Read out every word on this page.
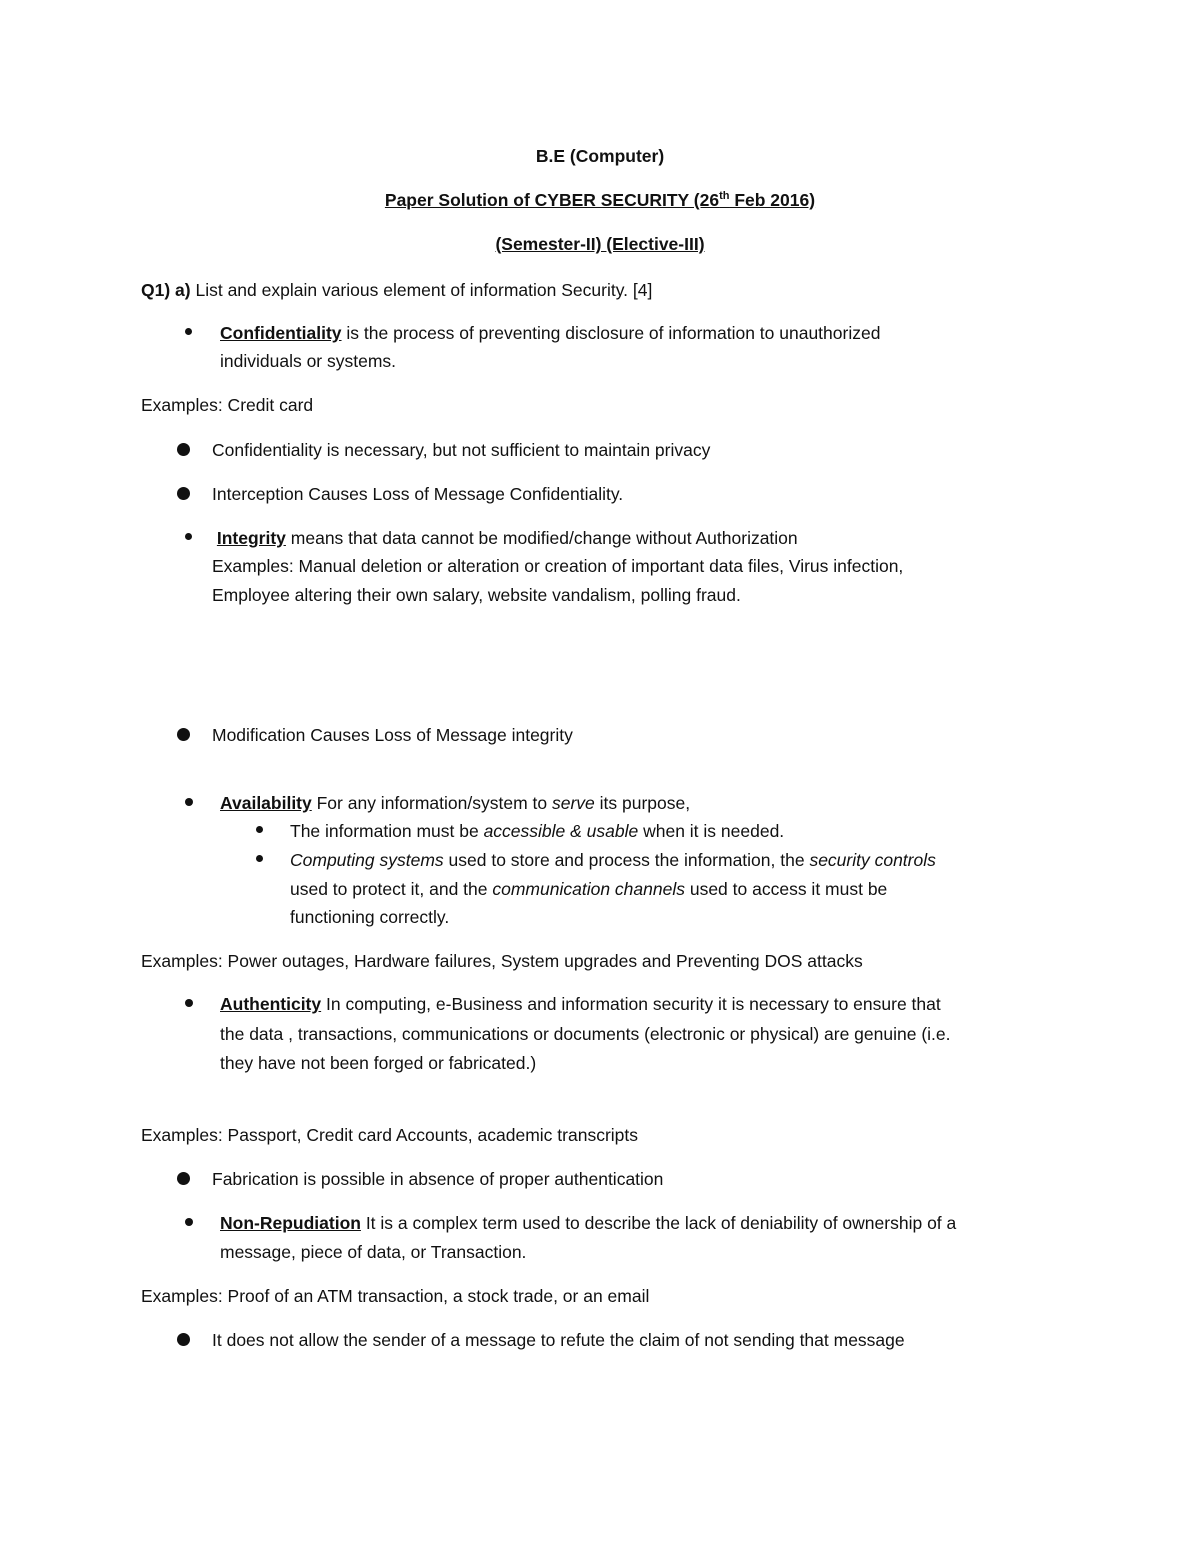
B.E (Computer)
Paper Solution of CYBER SECURITY (26th Feb 2016)
(Semester-II) (Elective-III)
Q1) a) List and explain various element of information Security. [4]
Confidentiality is the process of preventing disclosure of information to unauthorized
individuals or systems.
Examples: Credit card
Confidentiality is necessary, but not sufficient to maintain privacy
Interception Causes Loss of Message Confidentiality.
Integrity means that data cannot be modified/change without Authorization
Examples: Manual deletion or alteration or creation of important data files, Virus infection,
Employee altering their own salary, website vandalism, polling fraud.
Modification Causes Loss of Message integrity
Availability For any information/system to serve its purpose,
The information must be accessible & usable when it is needed.
Computing systems used to store and process the information, the security controls
used to protect it, and the communication channels used to access it must be
functioning correctly.
Examples: Power outages, Hardware failures, System upgrades and Preventing DOS attacks
Authenticity In computing, e-Business and information security it is necessary to ensure that
the data , transactions, communications or documents (electronic or physical) are genuine (i.e.
they have not been forged or fabricated.)
Examples: Passport, Credit card Accounts, academic transcripts
Fabrication is possible in absence of proper authentication
Non-Repudiation It is a complex term used to describe the lack of deniability of ownership of a
message, piece of data, or Transaction.
Examples: Proof of an ATM transaction, a stock trade, or an email
It does not allow the sender of a message to refute the claim of not sending that message
